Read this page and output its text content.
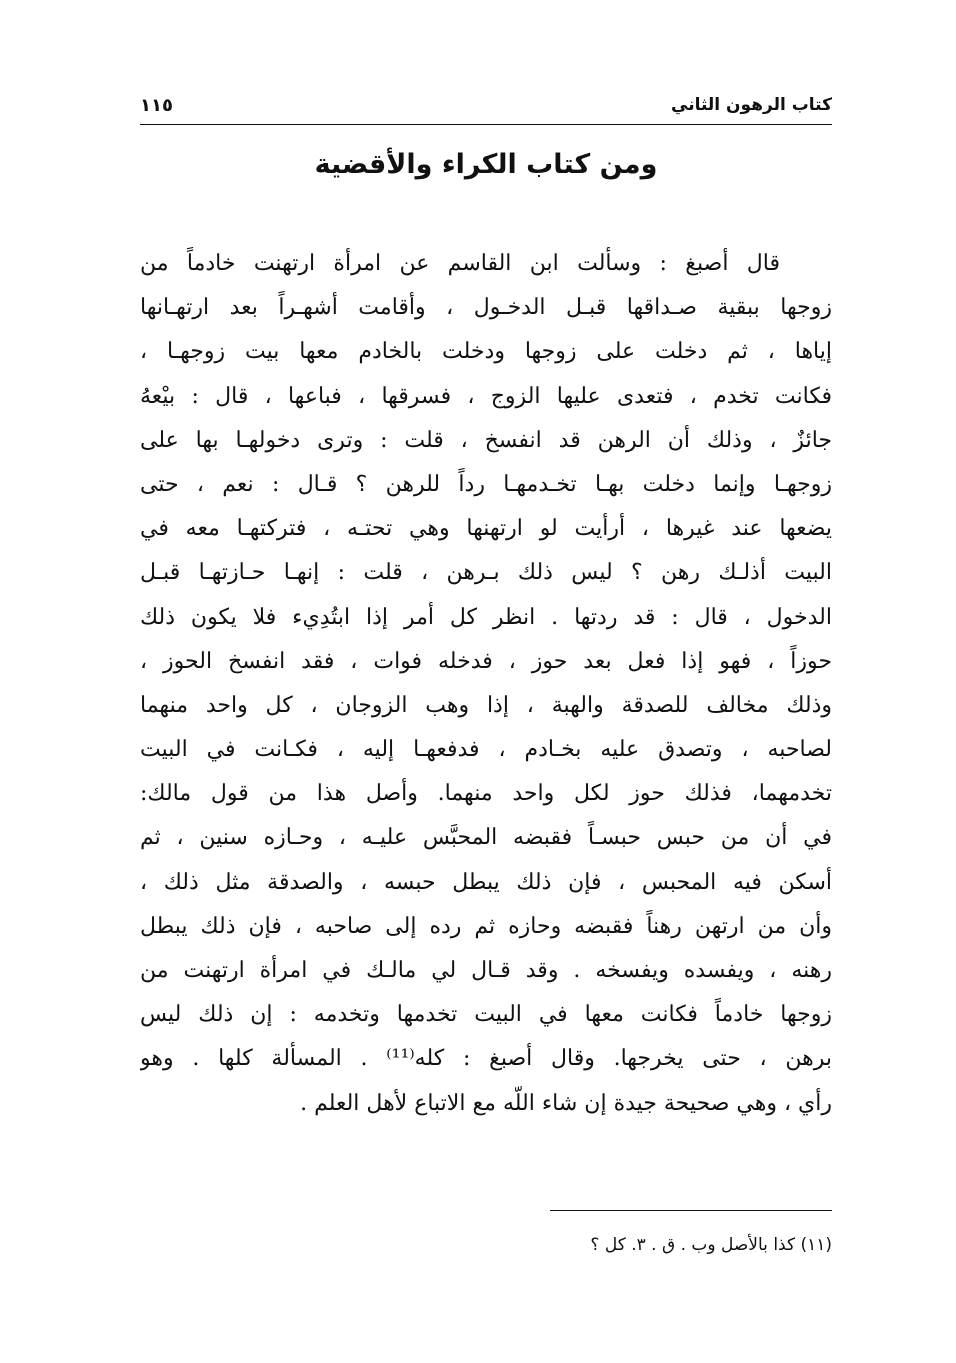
كتاب الرهون الثاني
١١٥
ومن كتاب الكراء والأقضية
قال أصبغ : وسألت ابن القاسم عن امرأة ارتهنت خادماً من
زوجها ببقية صـداقها قبـل الدخـول ، وأقامت أشهـراً بعد ارتهـانها
إياها ، ثم دخلت على زوجها ودخلت بالخادم معها بيت زوجهـا ،
فكانت تخدم ، فتعدى عليها الزوج ، فسرقها ، فباعها ، قال : بيْعهُ
جائزٌ ، وذلك أن الرهن قد انفسخ ، قلت : وترى دخولهـا بها على
زوجهـا وإنما دخلت بهـا تخـدمهـا رداً للرهن ؟ قـال : نعم ، حتى
يضعها عند غيرها ، أرأيت لو ارتهنها وهي تحتـه ، فتركتهـا معه في
البيت أذلـك رهن ؟ ليس ذلك بـرهن ، قلت : إنهـا حـازتهـا قبـل
الدخول ، قال : قد ردتها . انظر كل أمر إذا ابتُدِيء فلا يكون ذلك
حوزاً ، فهو إذا فعل بعد حوز ، فدخله فوات ، فقد انفسخ الحوز ،
وذلك مخالف للصدقة والهبة ، إذا وهب الزوجان ، كل واحد منهما
لصاحبه ، وتصدق عليه بخـادم ، فدفعهـا إليه ، فكـانت في البيت
تخدمهما، فذلك حوز لكل واحد منهما. وأصل هذا من قول مالك:
في أن من حبس حبسـاً فقبضه المحبَّس عليـه ، وحـازه سنين ، ثم
أسكن فيه المحبس ، فإن ذلك يبطل حبسه ، والصدقة مثل ذلك ،
وأن من ارتهن رهناً فقبضه وحازه ثم رده إلى صاحبه ، فإن ذلك يبطل
رهنه ، ويفسده ويفسخه . وقد قـال لي مالـك في امرأة ارتهنت من
زوجها خادماً فكانت معها في البيت تخدمها وتخدمه : إن ذلك ليس
برهن ، حتى يخرجها. وقال أصبغ : كله⁽¹¹⁾ . المسألة كلها . وهو
رأي ، وهي صحيحة جيدة إن شاء اللّه مع الاتباع لأهل العلم .
(١١) كذا بالأصل وب . ق . ٣. كل ؟
